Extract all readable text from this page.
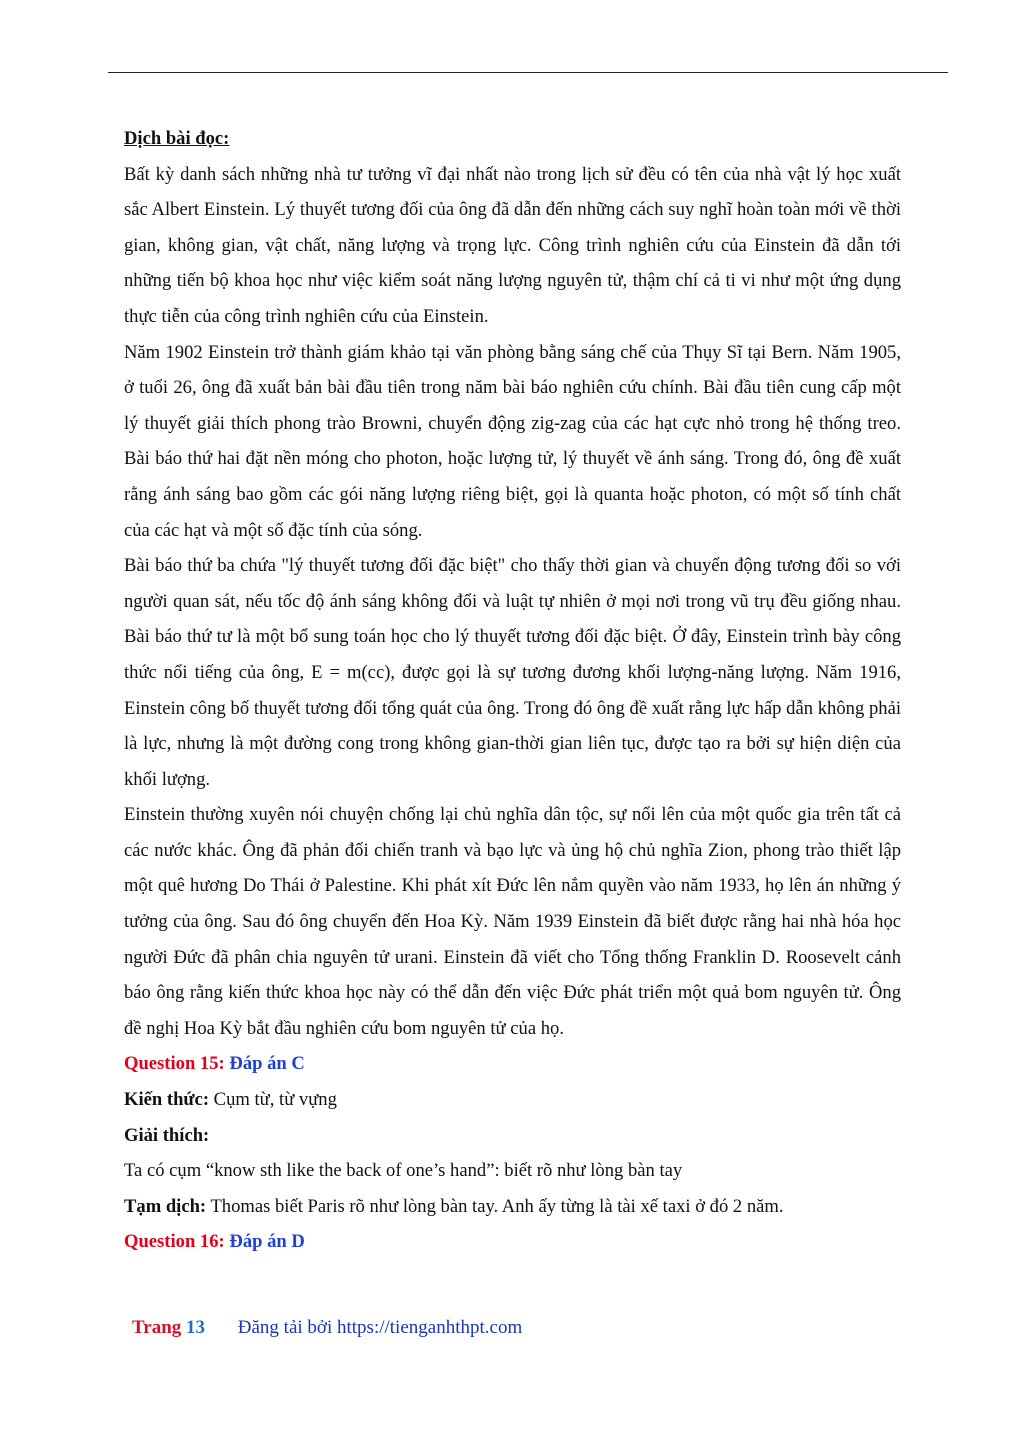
Dịch bài đọc:

Bất kỳ danh sách những nhà tư tưởng vĩ đại nhất nào trong lịch sử đều có tên của nhà vật lý học xuất sắc Albert Einstein. Lý thuyết tương đối của ông đã dẫn đến những cách suy nghĩ hoàn toàn mới về thời gian, không gian, vật chất, năng lượng và trọng lực. Công trình nghiên cứu của Einstein đã dẫn tới những tiến bộ khoa học như việc kiểm soát năng lượng nguyên tử, thậm chí cả ti vi như một ứng dụng thực tiễn của công trình nghiên cứu của Einstein.

Năm 1902 Einstein trở thành giám khảo tại văn phòng bằng sáng chế của Thụy Sĩ tại Bern. Năm 1905, ở tuổi 26, ông đã xuất bản bài đầu tiên trong năm bài báo nghiên cứu chính. Bài đầu tiên cung cấp một lý thuyết giải thích phong trào Browni, chuyển động zig-zag của các hạt cực nhỏ trong hệ thống treo. Bài báo thứ hai đặt nền móng cho photon, hoặc lượng tử, lý thuyết về ánh sáng. Trong đó, ông đề xuất rằng ánh sáng bao gồm các gói năng lượng riêng biệt, gọi là quanta hoặc photon, có một số tính chất của các hạt và một số đặc tính của sóng.

Bài báo thứ ba chứa "lý thuyết tương đối đặc biệt" cho thấy thời gian và chuyển động tương đối so với người quan sát, nếu tốc độ ánh sáng không đổi và luật tự nhiên ở mọi nơi trong vũ trụ đều giống nhau. Bài báo thứ tư là một bổ sung toán học cho lý thuyết tương đối đặc biệt. Ở đây, Einstein trình bày công thức nổi tiếng của ông, E = m(cc), được gọi là sự tương đương khối lượng-năng lượng. Năm 1916, Einstein công bố thuyết tương đối tổng quát của ông. Trong đó ông đề xuất rằng lực hấp dẫn không phải là lực, nhưng là một đường cong trong không gian-thời gian liên tục, được tạo ra bởi sự hiện diện của khối lượng.

Einstein thường xuyên nói chuyện chống lại chủ nghĩa dân tộc, sự nổi lên của một quốc gia trên tất cả các nước khác. Ông đã phản đối chiến tranh và bạo lực và ủng hộ chủ nghĩa Zion, phong trào thiết lập một quê hương Do Thái ở Palestine. Khi phát xít Đức lên nắm quyền vào năm 1933, họ lên án những ý tưởng của ông. Sau đó ông chuyển đến Hoa Kỳ. Năm 1939 Einstein đã biết được rằng hai nhà hóa học người Đức đã phân chia nguyên tử urani. Einstein đã viết cho Tổng thống Franklin D. Roosevelt cảnh báo ông rằng kiến thức khoa học này có thể dẫn đến việc Đức phát triển một quả bom nguyên tử. Ông đề nghị Hoa Kỳ bắt đầu nghiên cứu bom nguyên tử của họ.

Question 15: Đáp án C

Kiến thức: Cụm từ, từ vựng

Giải thích:

Ta có cụm “know sth like the back of one’s hand”: biết rõ như lòng bàn tay

Tạm dịch: Thomas biết Paris rõ như lòng bàn tay. Anh ấy từng là tài xế taxi ở đó 2 năm.

Question 16: Đáp án D

Trang 13 Đăng tải bởi https://tienganhthpt.com
